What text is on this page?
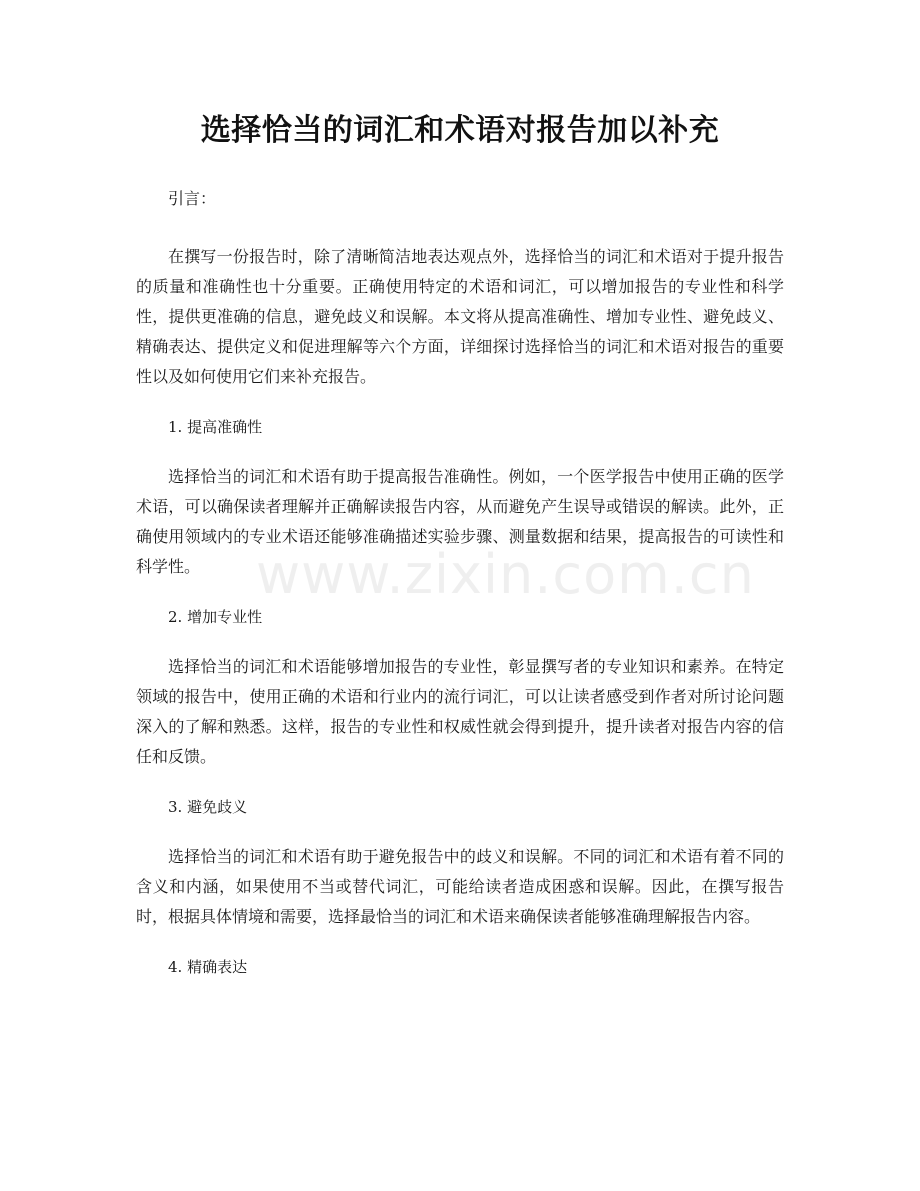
选择恰当的词汇和术语对报告加以补充

引言：

在撰写一份报告时，除了清晰简洁地表达观点外，选择恰当的词汇和术语对于提升报告的质量和准确性也十分重要。正确使用特定的术语和词汇，可以增加报告的专业性和科学性，提供更准确的信息，避免歧义和误解。本文将从提高准确性、增加专业性、避免歧义、精确表达、提供定义和促进理解等六个方面，详细探讨选择恰当的词汇和术语对报告的重要性以及如何使用它们来补充报告。

1. 提高准确性

选择恰当的词汇和术语有助于提高报告准确性。例如，一个医学报告中使用正确的医学术语，可以确保读者理解并正确解读报告内容，从而避免产生误导或错误的解读。此外，正确使用领域内的专业术语还能够准确描述实验步骤、测量数据和结果，提高报告的可读性和科学性。

2. 增加专业性

选择恰当的词汇和术语能够增加报告的专业性，彰显撰写者的专业知识和素养。在特定领域的报告中，使用正确的术语和行业内的流行词汇，可以让读者感受到作者对所讨论问题深入的了解和熟悉。这样，报告的专业性和权威性就会得到提升，提升读者对报告内容的信任和反馈。

3. 避免歧义

选择恰当的词汇和术语有助于避免报告中的歧义和误解。不同的词汇和术语有着不同的含义和内涵，如果使用不当或替代词汇，可能给读者造成困惑和误解。因此，在撰写报告时，根据具体情境和需要，选择最恰当的词汇和术语来确保读者能够准确理解报告内容。

4. 精确表达

www.zixin.com.cn
